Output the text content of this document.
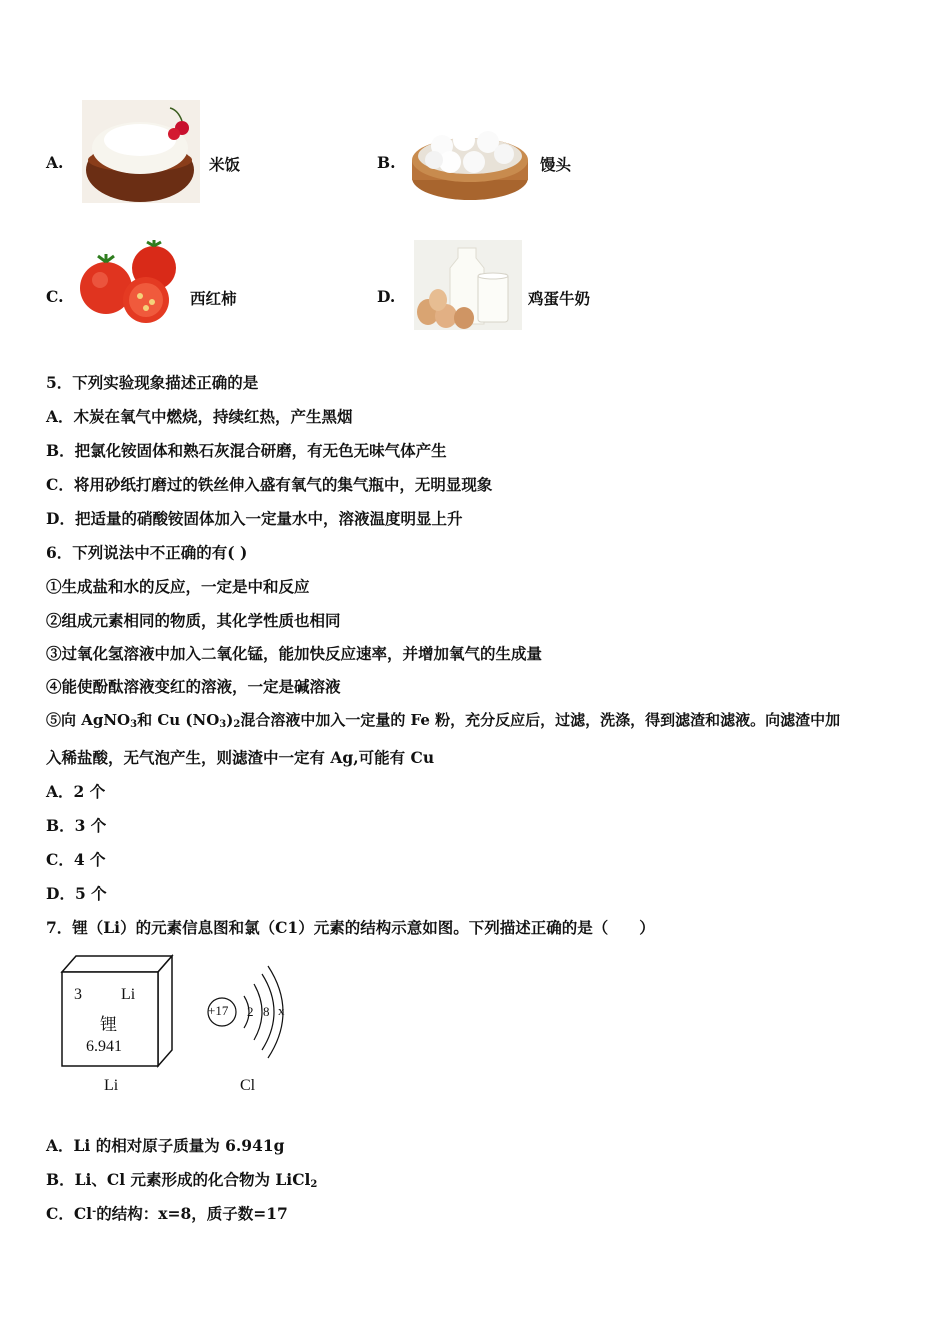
A.	米饭	B.	馒头
C.	西红柿	D.	鸡蛋牛奶
5．下列实验现象描述正确的是
A．木炭在氧气中燃烧，持续红热，产生黑烟
B．把氯化铵固体和熟石灰混合研磨，有无色无味气体产生
C．将用砂纸打磨过的铁丝伸入盛有氧气的集气瓶中，无明显现象
D．把适量的硝酸铵固体加入一定量水中，溶液温度明显上升
6．下列说法中不正确的有( )
①生成盐和水的反应，一定是中和反应
②组成元素相同的物质，其化学性质也相同
③过氧化氢溶液中加入二氧化锰，能加快反应速率，并增加氧气的生成量
④能使酚酞溶液变红的溶液，一定是碱溶液
⑤向 AgNO$_3$和 Cu $(NO_3)_2$混合溶液中加入一定量的 Fe 粉，充分反应后，过滤，洗涤，得到滤渣和滤液。向滤渣中加
入稀盐酸，无气泡产生，则滤渣中一定有 Ag,可能有 Cu
A．2 个
B．3 个
C．4 个
D．5 个
7．锂（Li）的元素信息图和氯（C1）元素的结构示意如图。下列描述正确的是（　　）
3 Li
锂
6.941
Li
+17 2 8 x
Cl
A．Li 的相对原子质量为 6.941g
B．Li、Cl 元素形成的化合物为 LiCl$_2$
C．Cl-的结构：x=8，质子数=17
